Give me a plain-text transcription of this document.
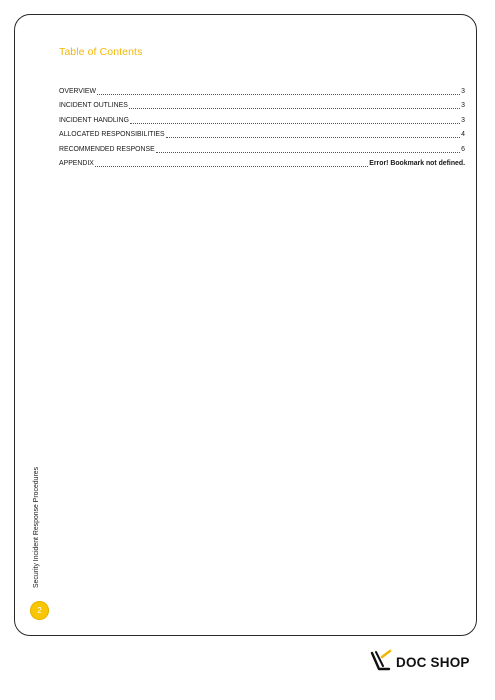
Table of Contents
OVERVIEW	3
INCIDENT OUTLINES	3
INCIDENT HANDLING	3
ALLOCATED RESPONSIBILITIES	4
RECOMMENDED RESPONSE	6
APPENDIX	Error! Bookmark not defined.
Security Incident Response Procedures
2
DOC SHOP
